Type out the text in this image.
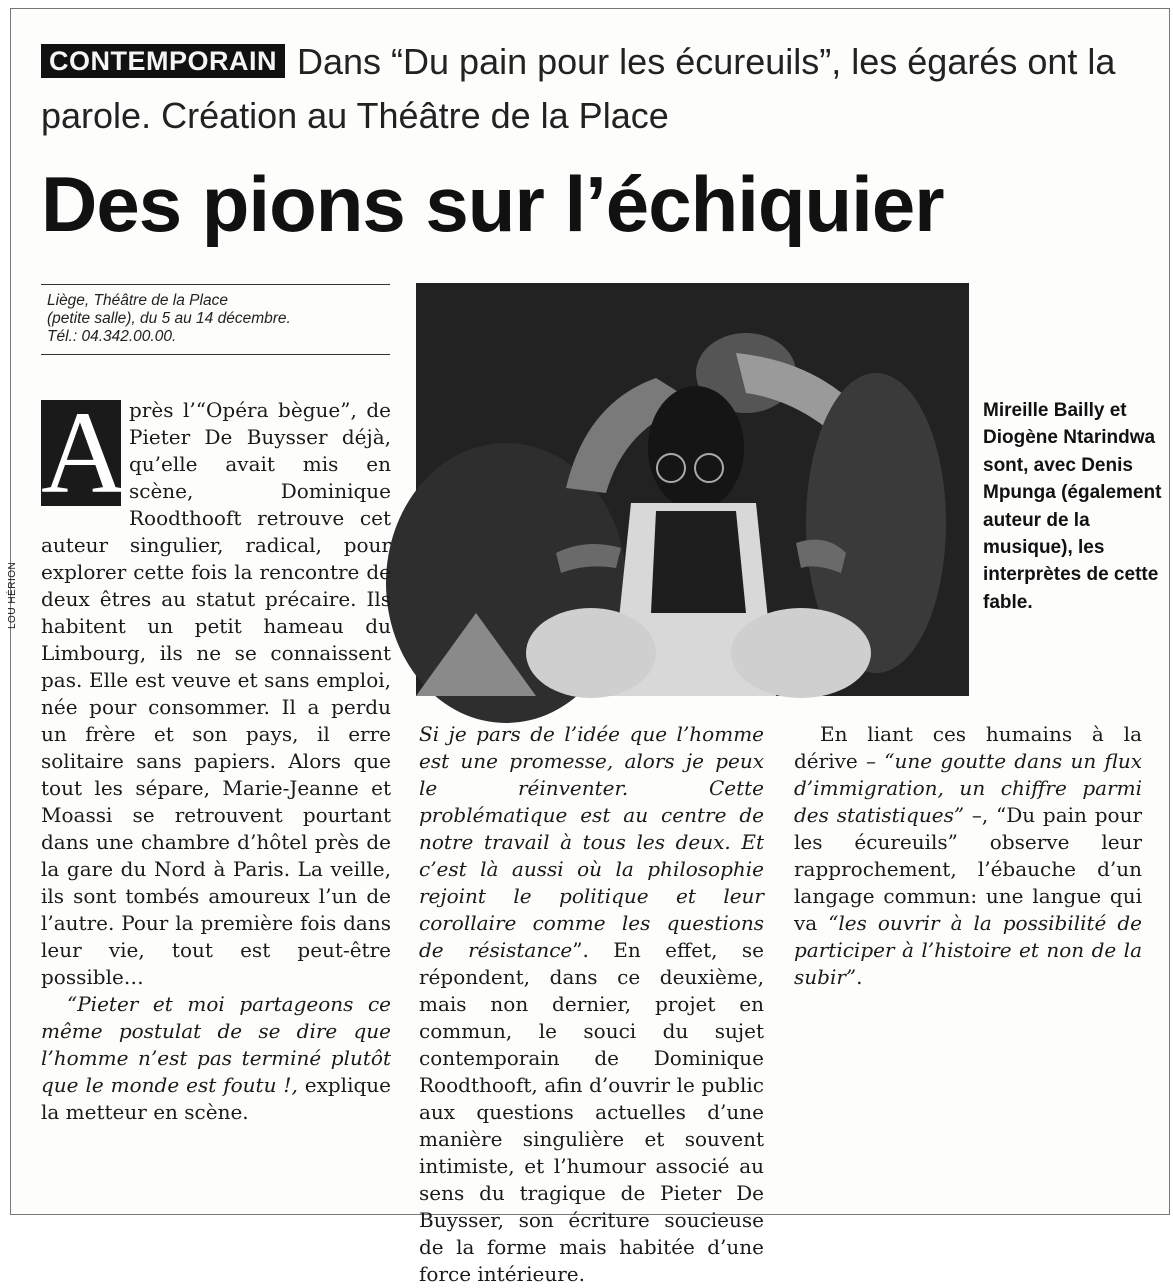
CONTEMPORAIN Dans “Du pain pour les écureuils”, les égarés ont la parole. Création au Théâtre de la Place
Des pions sur l’échiquier
Liège, Théâtre de la Place
(petite salle), du 5 au 14 décembre.
Tél.: 04.342.00.00.
LOU HÉRION
Mireille Bailly et Diogène Ntarindwa sont, avec Denis Mpunga (également auteur de la musique), les interprètes de cette fable.

A près l’“Opéra bègue”, de Pieter De Buysser déjà, qu’elle avait mis en scène, Dominique Roodthooft retrouve cet auteur singulier, radical, pour explorer cette fois la rencontre de deux êtres au statut précaire. Ils habitent un petit hameau du Limbourg, ils ne se connaissent pas. Elle est veuve et sans emploi, née pour consommer. Il a perdu un frère et son pays, il erre solitaire sans papiers. Alors que tout les sépare, Marie-Jeanne et Moassi se retrouvent pourtant dans une chambre d’hôtel près de la gare du Nord à Paris. La veille, ils sont tombés amoureux l’un de l’autre. Pour la première fois dans leur vie, tout est peut-être possible…

“Pieter et moi partageons ce même postulat de se dire que l’homme n’est pas terminé plutôt que le monde est foutu !, explique la metteur en scène.

Si je pars de l’idée que l’homme est une promesse, alors je peux le réinventer. Cette problématique est au centre de notre travail à tous les deux. Et c’est là aussi où la philosophie rejoint le politique et leur corollaire comme les questions de résistance”. En effet, se répondent, dans ce deuxième, mais non dernier, projet en commun, le souci du sujet contemporain de Dominique Roodthooft, afin d’ouvrir le public aux questions actuelles d’une manière singulière et souvent intimiste, et l’humour associé au sens du tragique de Pieter De Buysser, son écriture soucieuse de la forme mais habitée d’une force intérieure.

En liant ces humains à la dérive – “une goutte dans un flux d’immigration, un chiffre parmi des statistiques” –, “Du pain pour les écureuils” observe leur rapprochement, l’ébauche d’un langage commun: une langue qui va “les ouvrir à la possibilité de participer à l’histoire et non de la subir”.
